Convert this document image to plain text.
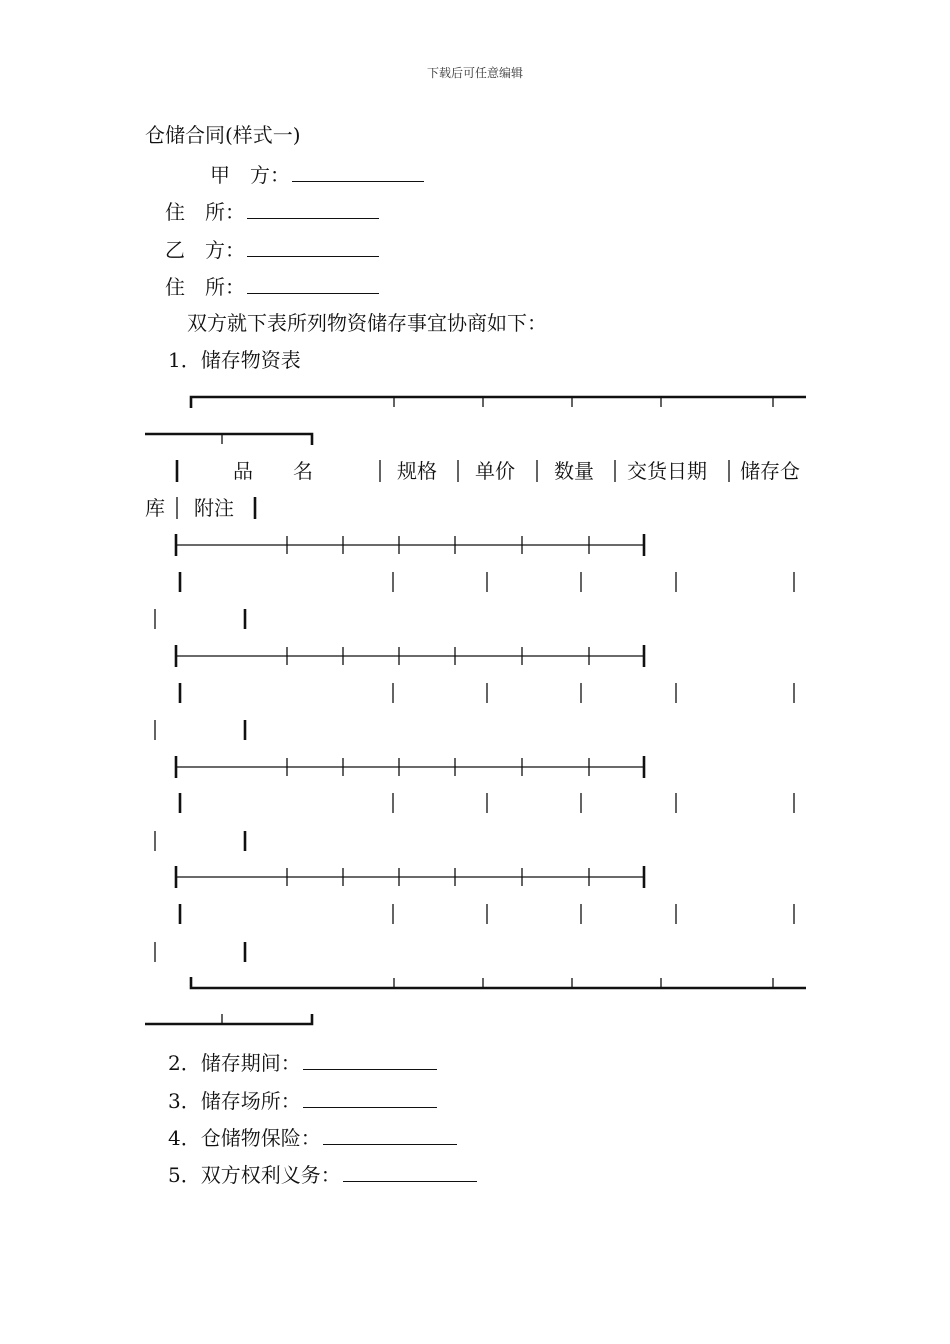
下载后可任意编辑
仓储合同(样式一)
甲　方：
住　所：
乙　方：
住　所：
双方就下表所列物资储存事宜协商如下：
1．储存物资表
品　　名	规格 单价 数量 交货日期 储存仓
库 附注
2．储存期间：
3．储存场所：
4．仓储物保险：
5．双方权利义务：
